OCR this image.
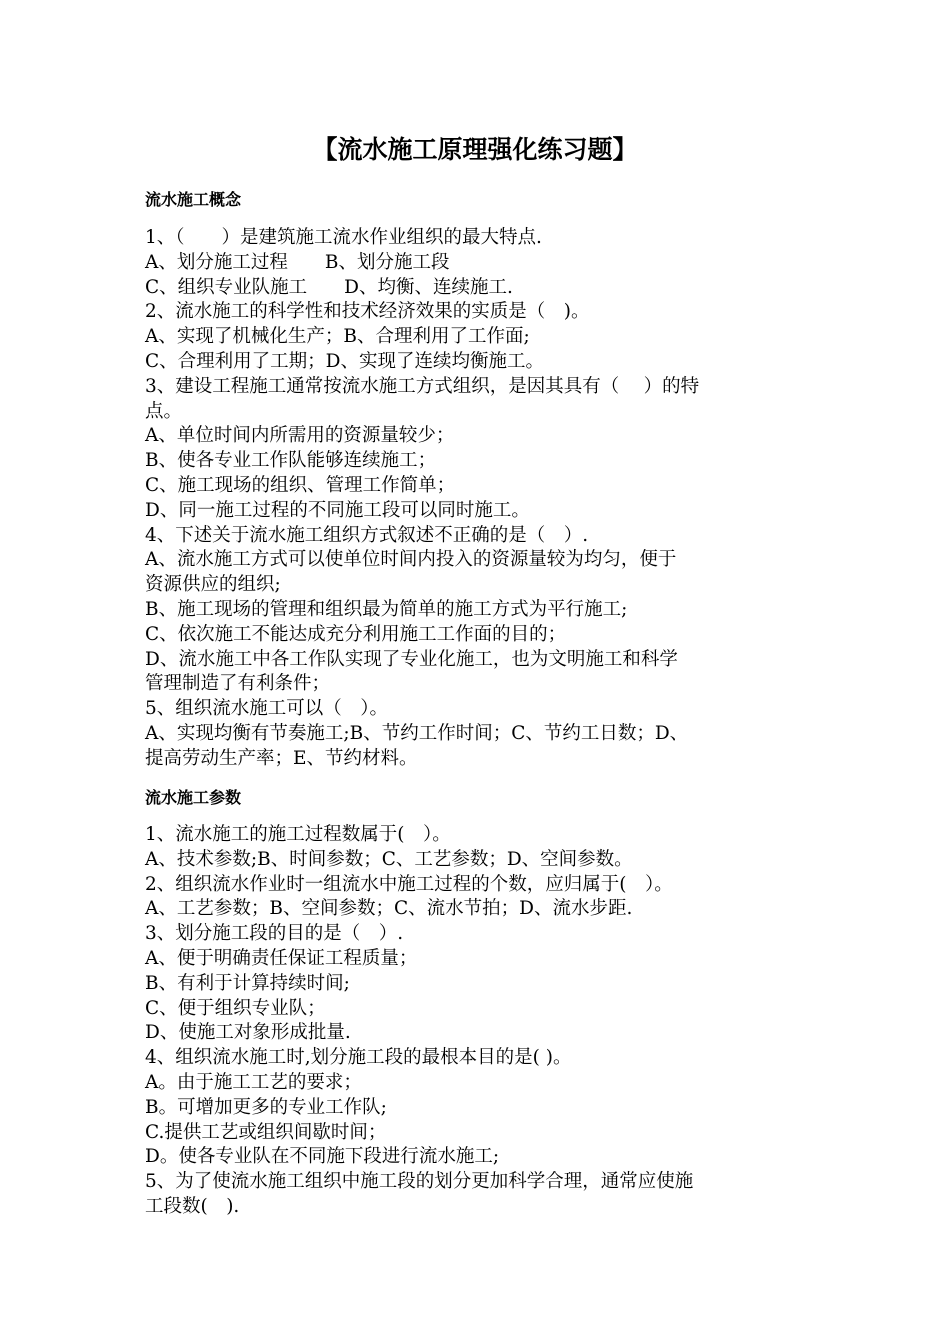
【流水施工原理强化练习题】
流水施工概念
1、（　　）是建筑施工流水作业组织的最大特点.
A、划分施工过程　　B、划分施工段
C、组织专业队施工　　D、均衡、连续施工.
2、流水施工的科学性和技术经济效果的实质是（　)。
A、实现了机械化生产；B、合理利用了工作面;
C、合理利用了工期；D、实现了连续均衡施工。
3、建设工程施工通常按流水施工方式组织，是因其具有（　 ）的特
点。
A、单位时间内所需用的资源量较少；
B、使各专业工作队能够连续施工；
C、施工现场的组织、管理工作简单；
D、同一施工过程的不同施工段可以同时施工。
4、下述关于流水施工组织方式叙述不正确的是（　）.
A、流水施工方式可以使单位时间内投入的资源量较为均匀，便于
资源供应的组织;
B、施工现场的管理和组织最为简单的施工方式为平行施工;
C、依次施工不能达成充分利用施工工作面的目的；
D、流水施工中各工作队实现了专业化施工，也为文明施工和科学
管理制造了有利条件；
5、组织流水施工可以（　）。
A、实现均衡有节奏施工;B、节约工作时间；C、节约工日数；D、
提高劳动生产率；E、节约材料。
流水施工参数
1、流水施工的施工过程数属于(　）。
A、技术参数;B、时间参数；C、工艺参数；D、空间参数。
2、组织流水作业时一组流水中施工过程的个数，应归属于(　）。
A、工艺参数；B、空间参数；C、流水节拍；D、流水步距.
3、划分施工段的目的是（　）.
A、便于明确责任保证工程质量；
B、有利于计算持续时间;
C、便于组织专业队；
D、使施工对象形成批量.
4、组织流水施工时,划分施工段的最根本目的是( )。
A。由于施工工艺的要求；
B。可增加更多的专业工作队;
C.提供工艺或组织间歇时间；
D。使各专业队在不同施下段进行流水施工;
5、为了使流水施工组织中施工段的划分更加科学合理，通常应使施
工段数(　).
